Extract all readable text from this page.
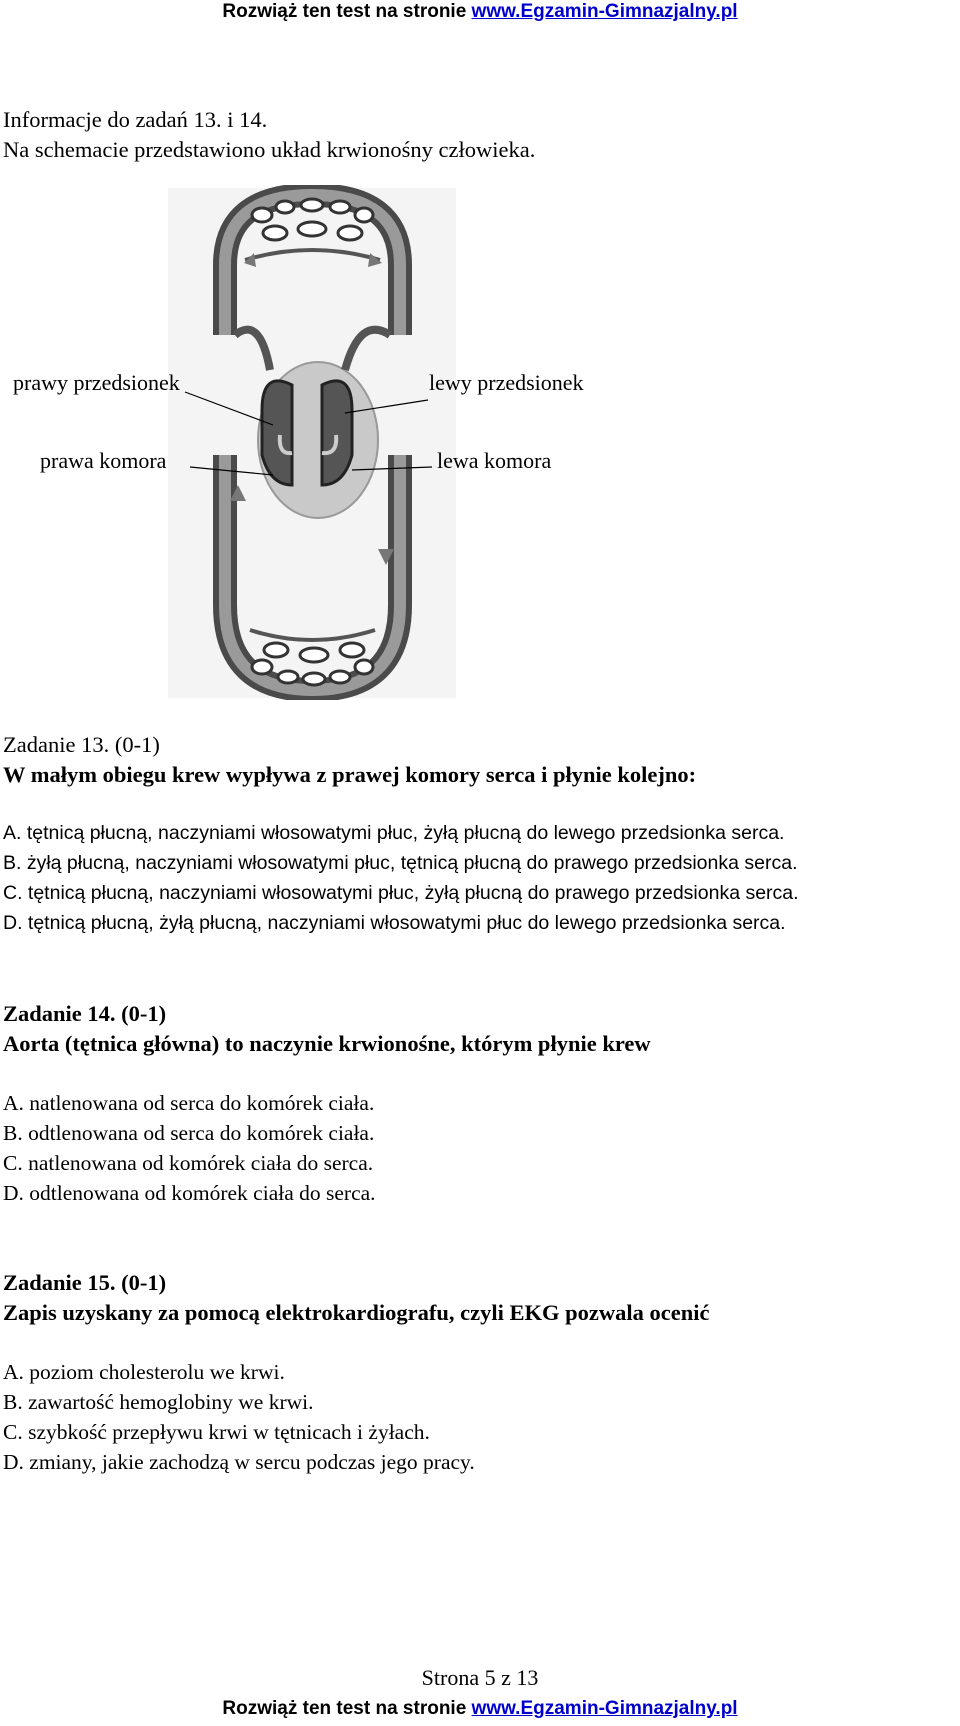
Rozwiąż ten test na stronie www.Egzamin-Gimnazjalny.pl
Informacje do zadań 13. i 14.
Na schemacie przedstawiono układ krwionośny człowieka.
prawy przedsionek	lewy przedsionek
prawa komora	lewa komora
Zadanie 13. (0-1)
W małym obiegu krew wypływa z prawej komory serca i płynie kolejno:
A. tętnicą płucną, naczyniami włosowatymi płuc, żyłą płucną do lewego przedsionka serca.
B. żyłą płucną, naczyniami włosowatymi płuc, tętnicą płucną do prawego przedsionka serca.
C. tętnicą płucną, naczyniami włosowatymi płuc, żyłą płucną do prawego przedsionka serca.
D. tętnicą płucną, żyłą płucną, naczyniami włosowatymi płuc do lewego przedsionka serca.
Zadanie 14. (0-1)
Aorta (tętnica główna) to naczynie krwionośne, którym płynie krew
A. natlenowana od serca do komórek ciała.
B. odtlenowana od serca do komórek ciała.
C. natlenowana od komórek ciała do serca.
D. odtlenowana od komórek ciała do serca.
Zadanie 15. (0-1)
Zapis uzyskany za pomocą elektrokardiografu, czyli EKG pozwala ocenić
A. poziom cholesterolu we krwi.
B. zawartość hemoglobiny we krwi.
C. szybkość przepływu krwi w tętnicach i żyłach.
D. zmiany, jakie zachodzą w sercu podczas jego pracy.
Strona 5 z 13
Rozwiąż ten test na stronie www.Egzamin-Gimnazjalny.pl
